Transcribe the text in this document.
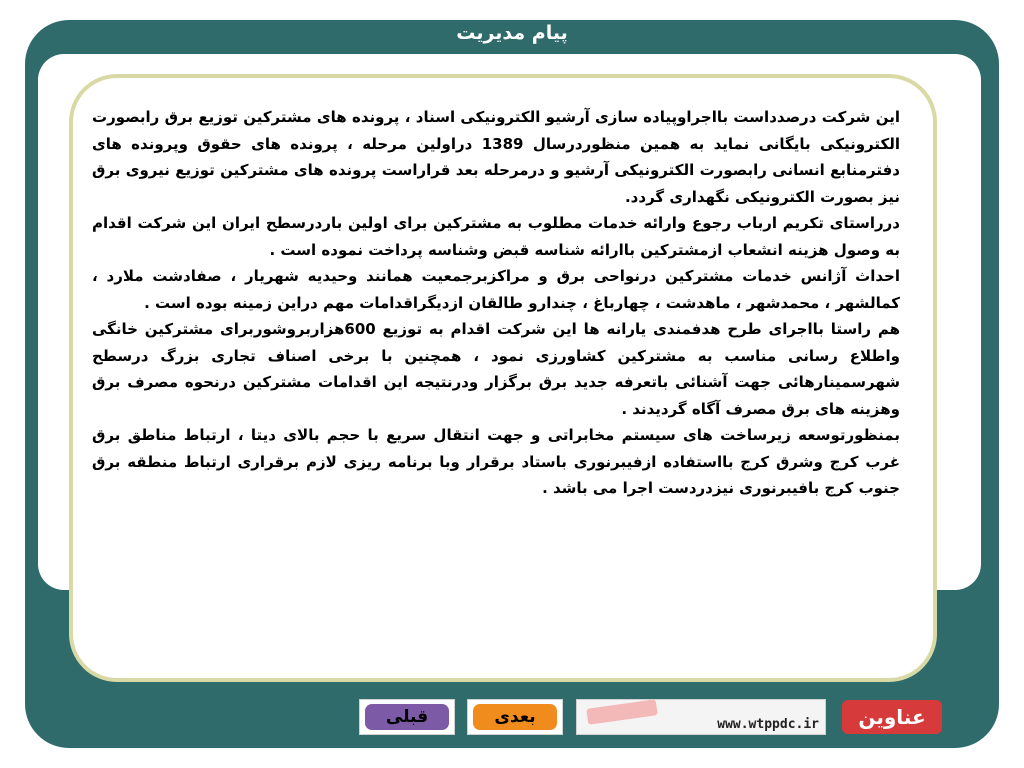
پیام مدیریت

این شرکت درصدداست بااجراوپیاده سازی آرشیو الکترونیکی اسناد ، پرونده های مشترکین توزیع برق رابصورت الکترونیکی بایگانی نماید به همین منظوردرسال 1389 دراولین مرحله ، پرونده های حقوق وپرونده های دفترمنابع انسانی رابصورت الکترونیکی آرشیو و درمرحله بعد قراراست پرونده های مشترکین توزیع نیروی برق نیز بصورت الکترونیکی نگهداری گردد.

درراستای تکریم ارباب رجوع وارائه خدمات مطلوب به مشترکین برای اولین باردرسطح ایران این شرکت اقدام به وصول هزینه انشعاب ازمشترکین باارائه شناسه قبض وشناسه پرداخت نموده است .

احداث آژانس خدمات مشترکین درنواحی برق و مراکزبرجمعیت همانند وحیدیه شهریار ، صفادشت ملارد ، کمالشهر ، محمدشهر ، ماهدشت ، چهارباغ ، چندارو طالقان ازدیگراقدامات مهم دراین زمینه بوده است .

هم راستا بااجرای طرح هدفمندی یارانه ها این شرکت اقدام به توزیع 600هزاربروشوربرای مشترکین خانگی واطلاع رسانی مناسب به مشترکین کشاورزی نمود ، همچنین با برخی اصناف تجاری بزرگ درسطح شهرسمینارهائی جهت آشنائی باتعرفه جدید برق برگزار ودرنتیجه این اقدامات مشترکین درنحوه مصرف برق وهزینه های برق مصرف آگاه گردیدند .

بمنظورتوسعه زیرساخت های سیستم مخابراتی و جهت انتقال سریع با حجم بالای دیتا ، ارتباط مناطق برق غرب کرج وشرق کرج بااستفاده ازفیبرنوری باستاد برقرار وبا برنامه ریزی لازم برقراری ارتباط منطقه برق جنوب کرج بافیبرنوری نیزدردست اجرا می باشد .

قبلی	بعدی	www.wtppdc.ir	عناوین
